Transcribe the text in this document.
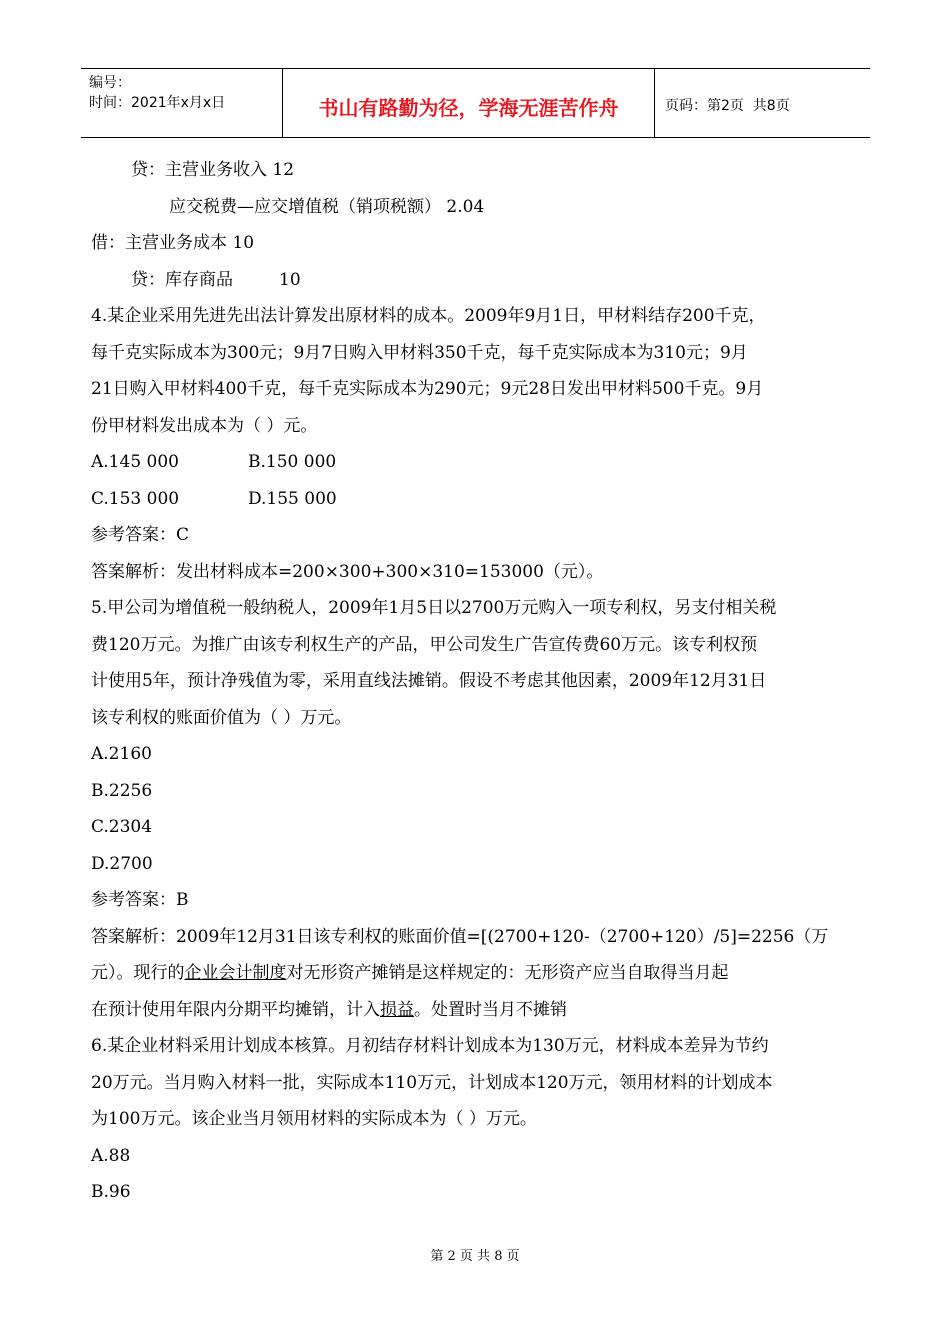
编号：
时间：2021年x月x日	书山有路勤为径，学海无涯苦作舟	页码：第2页  共8页
贷：主营业务收入 12
应交税费—应交增值税（销项税额） 2.04
借：主营业务成本 10
贷：库存商品	10
4.某企业采用先进先出法计算发出原材料的成本。2009年9月1日，甲材料结存200千克，
每千克实际成本为300元；9月7日购入甲材料350千克，每千克实际成本为310元；9月
21日购入甲材料400千克，每千克实际成本为290元；9元28日发出甲材料500千克。9月
份甲材料发出成本为（ ）元。
A.145 000	B.150 000
C.153 000	D.155 000
参考答案：C
答案解析：发出材料成本=200×300+300×310=153000（元）。
5.甲公司为增值税一般纳税人，2009年1月5日以2700万元购入一项专利权，另支付相关税
费120万元。为推广由该专利权生产的产品，甲公司发生广告宣传费60万元。该专利权预
计使用5年，预计净残值为零，采用直线法摊销。假设不考虑其他因素，2009年12月31日
该专利权的账面价值为（ ）万元。
A.2160
B.2256
C.2304
D.2700
参考答案：B
答案解析：2009年12月31日该专利权的账面价值=[(2700+120-（2700+120）/5]=2256（万
元）。现行的企业会计制度对无形资产摊销是这样规定的：无形资产应当自取得当月起
在预计使用年限内分期平均摊销，计入损益。处置时当月不摊销
6.某企业材料采用计划成本核算。月初结存材料计划成本为130万元，材料成本差异为节约
20万元。当月购入材料一批，实际成本110万元，计划成本120万元，领用材料的计划成本
为100万元。该企业当月领用材料的实际成本为（ ）万元。
A.88
B.96
第 2 页 共 8 页
